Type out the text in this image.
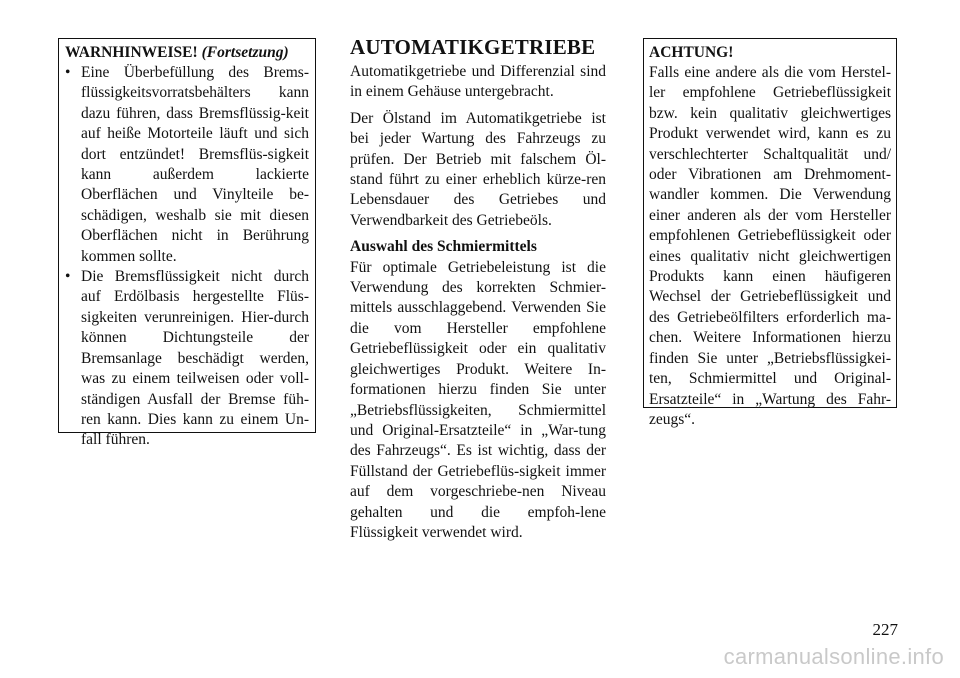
WARNHINWEISE! (Fortsetzung)
• Eine Überbefüllung des Brems-flüssigkeitsvorratsbehälters kann dazu führen, dass Bremsflüssig-keit auf heiße Motorteile läuft und sich dort entzündet! Bremsflüs-sigkeit kann außerdem lackierte Oberflächen und Vinylteile be-schädigen, weshalb sie mit diesen Oberflächen nicht in Berührung kommen sollte.
• Die Bremsflüssigkeit nicht durch auf Erdölbasis hergestellte Flüs-sigkeiten verunreinigen. Hier-durch können Dichtungsteile der Bremsanlage beschädigt werden, was zu einem teilweisen oder voll-ständigen Ausfall der Bremse füh-ren kann. Dies kann zu einem Un-fall führen.
AUTOMATIKGETRIEBE

Automatikgetriebe und Differenzial sind in einem Gehäuse untergebracht.

Der Ölstand im Automatikgetriebe ist bei jeder Wartung des Fahrzeugs zu prüfen. Der Betrieb mit falschem Öl-stand führt zu einer erheblich kürze-ren Lebensdauer des Getriebes und Verwendbarkeit des Getriebeöls.

Auswahl des Schmiermittels

Für optimale Getriebeleistung ist die Verwendung des korrekten Schmier-mittels ausschlaggebend. Verwenden Sie die vom Hersteller empfohlene Getriebeflüssigkeit oder ein qualitativ gleichwertiges Produkt. Weitere In-formationen hierzu finden Sie unter „Betriebsflüssigkeiten, Schmiermittel und Original-Ersatzteile“ in „War-tung des Fahrzeugs“. Es ist wichtig, dass der Füllstand der Getriebeflüs-sigkeit immer auf dem vorgeschriebe-nen Niveau gehalten und die empfoh-lene Flüssigkeit verwendet wird.

ACHTUNG!

Falls eine andere als die vom Herstel-ler empfohlene Getriebeflüssigkeit bzw. kein qualitativ gleichwertiges Produkt verwendet wird, kann es zu verschlechterter Schaltqualität und/ oder Vibrationen am Drehmoment-wandler kommen. Die Verwendung einer anderen als der vom Hersteller empfohlenen Getriebeflüssigkeit oder eines qualitativ nicht gleichwertigen Produkts kann einen häufigeren Wechsel der Getriebeflüssigkeit und des Getriebeölfilters erforderlich ma-chen. Weitere Informationen hierzu finden Sie unter „Betriebsflüssigkei-ten, Schmiermittel und Original-Ersatzteile“ in „Wartung des Fahr-zeugs“.

227
carmanualsonline.info
